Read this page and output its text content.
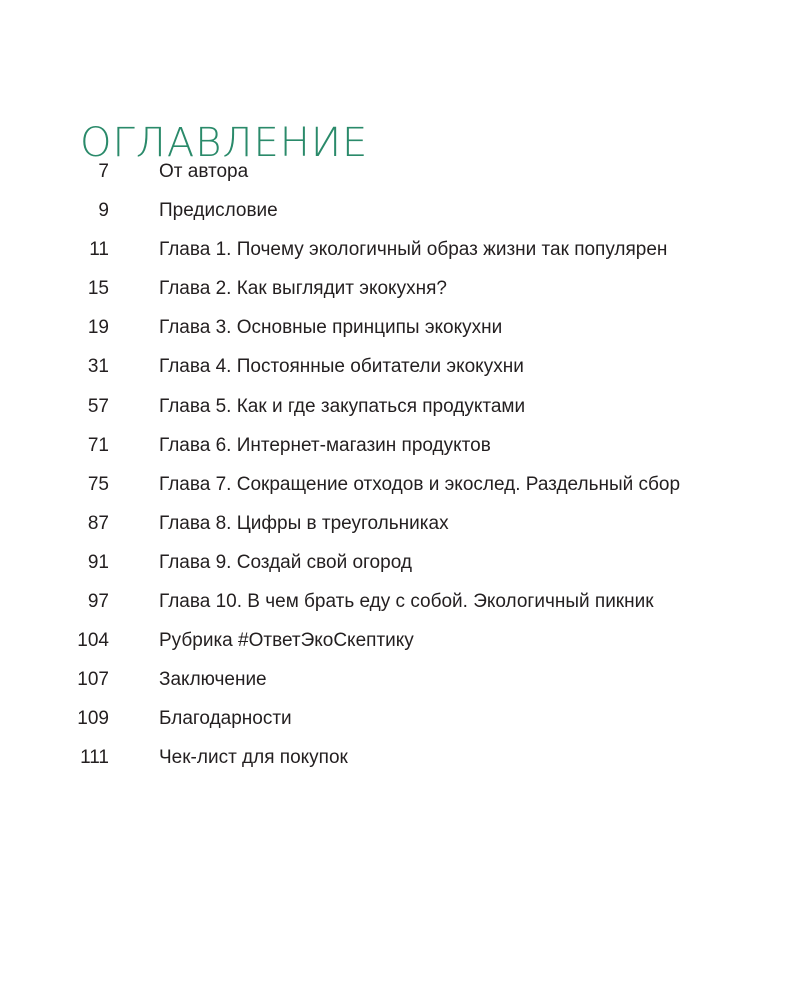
ОГЛАВЛЕНИЕ
7	От автора
9	Предисловие
11	Глава 1. Почему экологичный образ жизни так популярен
15	Глава 2. Как выглядит экокухня?
19	Глава 3. Основные принципы экокухни
31	Глава 4. Постоянные обитатели экокухни
57	Глава 5. Как и где закупаться продуктами
71	Глава 6. Интернет-магазин продуктов
75	Глава 7. Сокращение отходов и экослед. Раздельный сбор
87	Глава 8. Цифры в треугольниках
91	Глава 9. Создай свой огород
97	Глава 10. В чем брать еду с собой. Экологичный пикник
104	Рубрика #ОтветЭкоСкептику
107	Заключение
109	Благодарности
111	Чек-лист для покупок
